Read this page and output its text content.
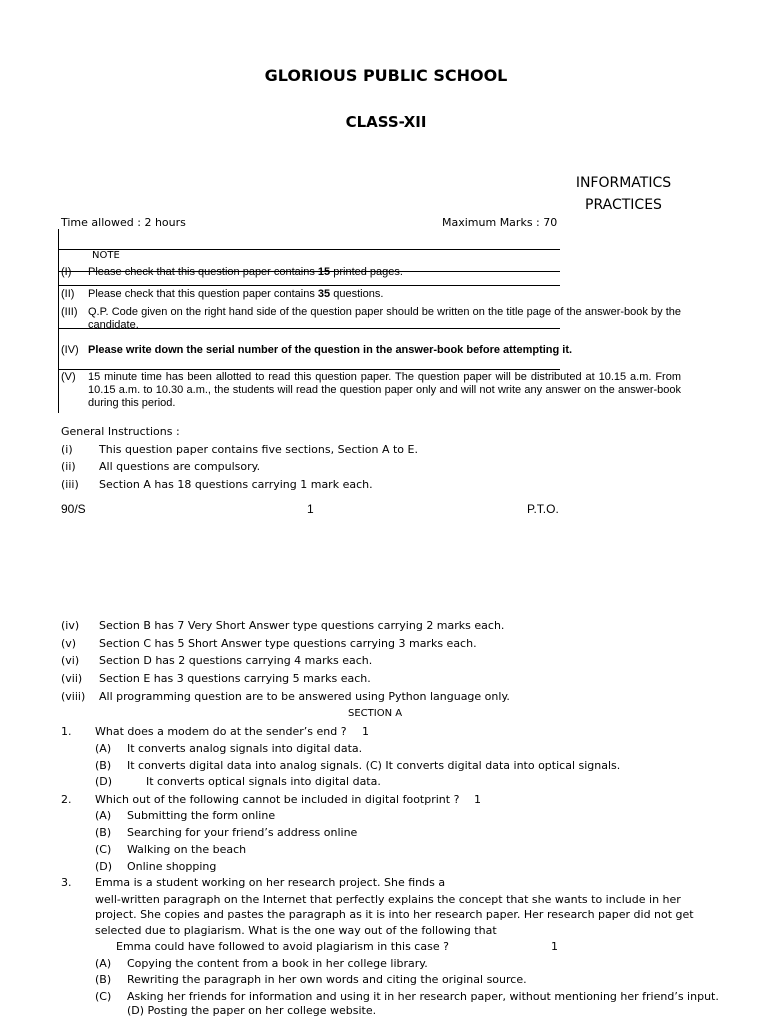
GLORIOUS PUBLIC SCHOOL
CLASS-XII
INFORMATICS PRACTICES
Time allowed : 2 hours	Maximum Marks : 70
NOTE
(I) Please check that this question paper contains 15 printed pages.
(II) Please check that this question paper contains 35 questions.
(III) Q.P. Code given on the right hand side of the question paper should be written on the title page of the answer-book by the candidate.
(IV) Please write down the serial number of the question in the answer-book before attempting it.
(V) 15 minute time has been allotted to read this question paper. The question paper will be distributed at 10.15 a.m. From 10.15 a.m. to 10.30 a.m., the students will read the question paper only and will not write any answer on the answer-book during this period.
General Instructions :
(i) This question paper contains five sections, Section A to E.
(ii) All questions are compulsory.
(iii) Section A has 18 questions carrying 1 mark each.
90/S	1	P.T.O.
(iv) Section B has 7 Very Short Answer type questions carrying 2 marks each.
(v) Section C has 5 Short Answer type questions carrying 3 marks each.
(vi) Section D has 2 questions carrying 4 marks each.
(vii) Section E has 3 questions carrying 5 marks each.
(viii) All programming question are to be answered using Python language only.
SECTION A
1. What does a modem do at the sender’s end ? 1
(A) It converts analog signals into digital data.
(B) It converts digital data into analog signals. (C) It converts digital data into optical signals.
(D)	It converts optical signals into digital data.
2. Which out of the following cannot be included in digital footprint ? 1
(A) Submitting the form online
(B) Searching for your friend’s address online
(C) Walking on the beach
(D) Online shopping
3. Emma is a student working on her research project. She finds a
well-written paragraph on the Internet that perfectly explains the concept that she wants to include in her
project. She copies and pastes the paragraph as it is into her research paper. Her research paper did not get
selected due to plagiarism. What is the one way out of the following that
Emma could have followed to avoid plagiarism in this case ?	1
(A) Copying the content from a book in her college library.
(B) Rewriting the paragraph in her own words and citing the original source.
(C) Asking her friends for information and using it in her research paper, without mentioning her friend’s input.
(D) Posting the paper on her college website.
